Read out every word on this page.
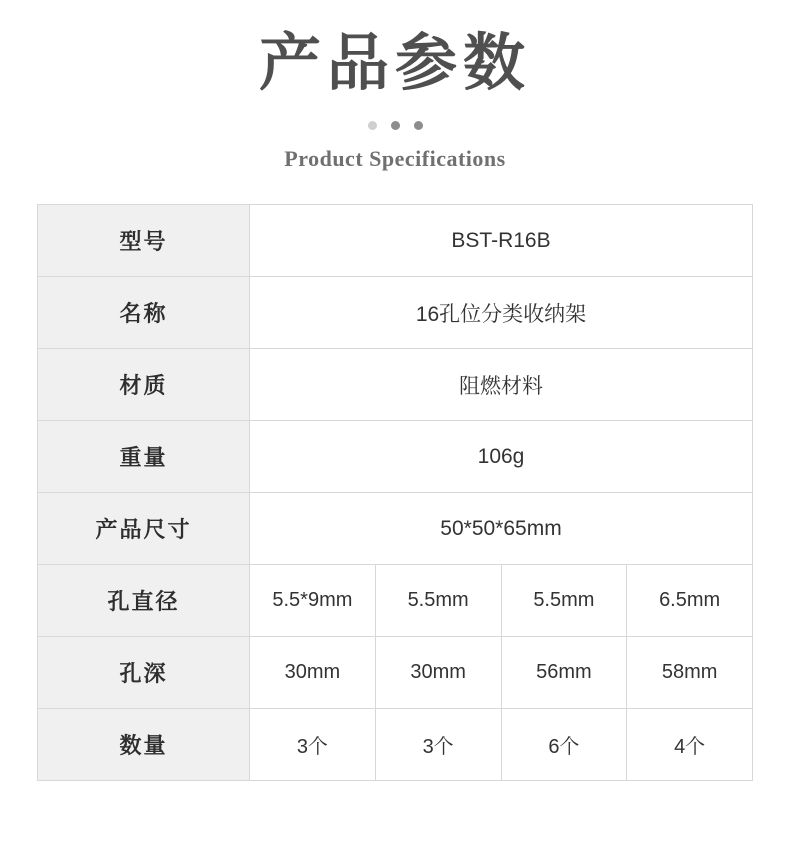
产品参数
Product Specifications
型号	BST-R16B			
名称	16孔位分类收纳架			
材质	阻燃材料			
重量	106g			
产品尺寸	50*50*65mm			
孔直径	5.5*9mm	5.5mm	5.5mm	6.5mm
孔深	30mm	30mm	56mm	58mm
数量	3个	3个	6个	4个
